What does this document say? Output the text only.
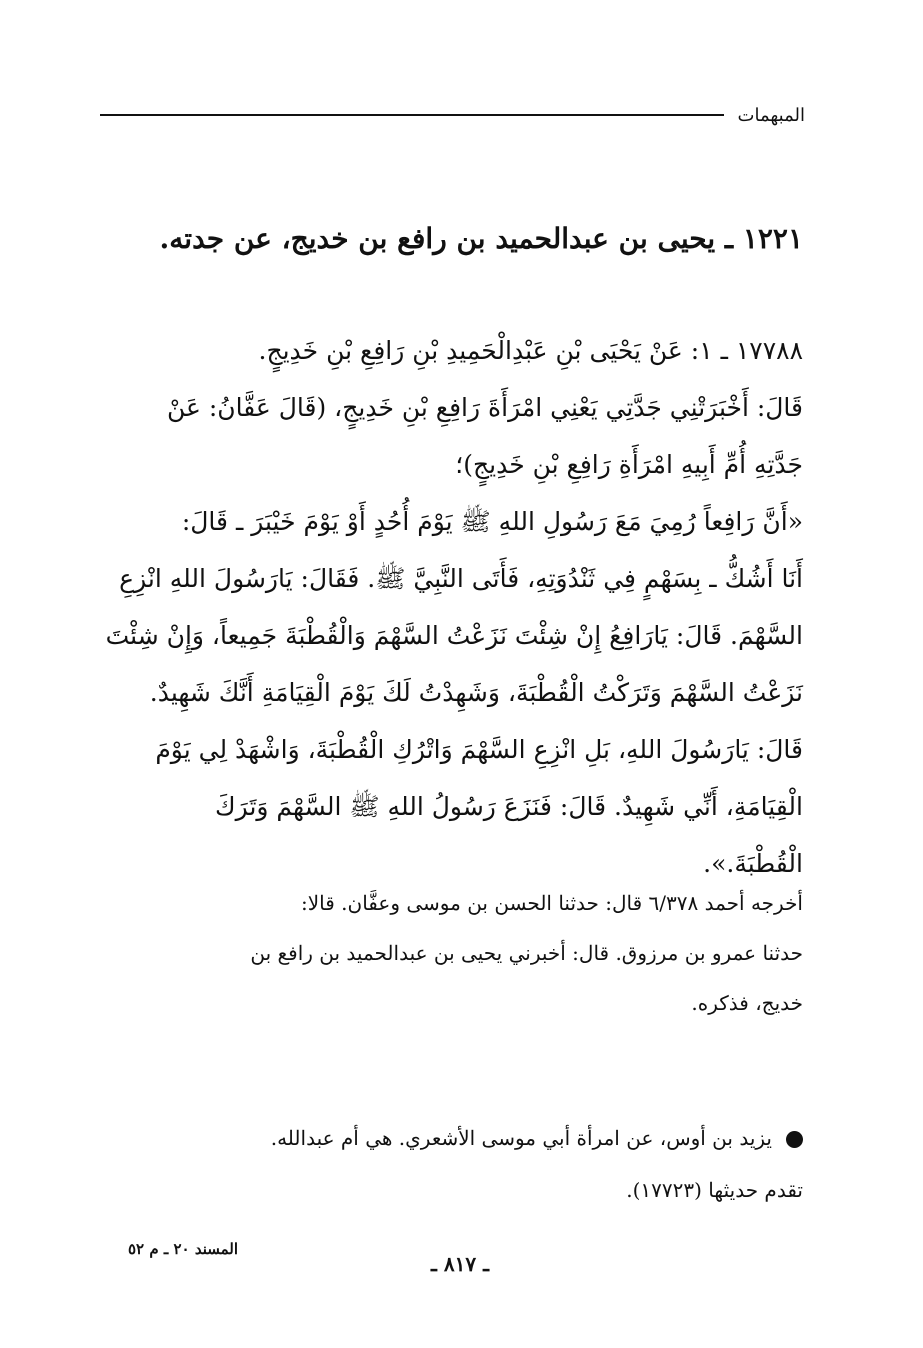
المبهمات
١٢٢١ ـ يحيى بن عبدالحميد بن رافع بن خديج، عن جدته.

١٧٧٨٨ ـ ١: عَنْ يَحْيَى بْنِ عَبْدِالْحَمِيدِ بْنِ رَافِعِ بْنِ خَدِيجٍ.

قَالَ: أَخْبَرَتْنِي جَدَّتِي يَعْنِي امْرَأَةَ رَافِعِ بْنِ خَدِيجٍ، (قَالَ عَفَّانُ: عَنْ

جَدَّتِهِ أُمِّ أَبِيهِ امْرَأَةِ رَافِعِ بْنِ خَدِيجٍ)؛

«أَنَّ رَافِعاً رُمِيَ مَعَ رَسُولِ اللهِ ﷺ يَوْمَ أُحُدٍ أَوْ يَوْمَ خَيْبَرَ ـ قَالَ:

أَنَا أَشُكُّ ـ بِسَهْمٍ فِي ثَنْدُوَتِهِ، فَأَتَى النَّبِيَّ ﷺ. فَقَالَ: يَارَسُولَ اللهِ انْزِعِ

السَّهْمَ. قَالَ: يَارَافِعُ إِنْ شِئْتَ نَزَعْتُ السَّهْمَ وَالْقُطْبَةَ جَمِيعاً، وَإِنْ شِئْتَ

نَزَعْتُ السَّهْمَ وَتَرَكْتُ الْقُطْبَةَ، وَشَهِدْتُ لَكَ يَوْمَ الْقِيَامَةِ أَنَّكَ شَهِيدٌ.

قَالَ: يَارَسُولَ اللهِ، بَلِ انْزِعِ السَّهْمَ وَاتْرُكِ الْقُطْبَةَ، وَاشْهَدْ لِي يَوْمَ

الْقِيَامَةِ، أَنِّي شَهِيدٌ. قَالَ: فَنَزَعَ رَسُولُ اللهِ ﷺ السَّهْمَ وَتَرَكَ

الْقُطْبَةَ.».

أخرجه أحمد ٦/٣٧٨ قال: حدثنا الحسن بن موسى وعفَّان. قالا:

حدثنا عمرو بن مرزوق. قال: أخبرني يحيى بن عبدالحميد بن رافع بن

خديج، فذكره.

يزيد بن أوس، عن امرأة أبي موسى الأشعري. هي أم عبدالله.

تقدم حديثها (١٧٧٢٣).

المسند ٢٠ ـ م ٥٢
ـ ٨١٧ ـ
